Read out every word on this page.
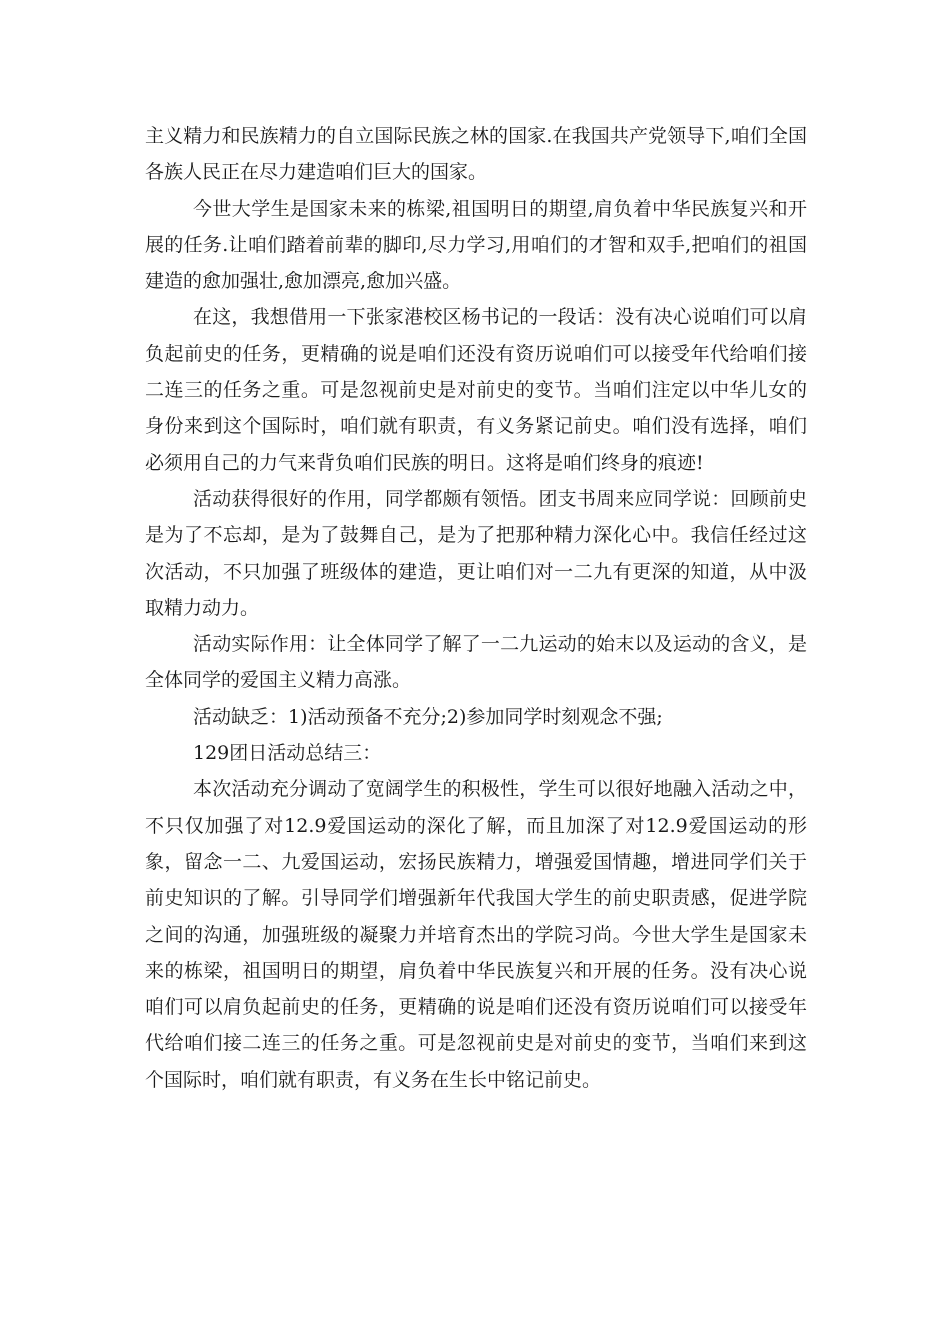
主义精力和民族精力的自立国际民族之林的国家.在我国共产党领导下,咱们全国各族人民正在尽力建造咱们巨大的国家。

今世大学生是国家未来的栋梁,祖国明日的期望,肩负着中华民族复兴和开展的任务.让咱们踏着前辈的脚印,尽力学习,用咱们的才智和双手,把咱们的祖国建造的愈加强壮,愈加漂亮,愈加兴盛。

在这，我想借用一下张家港校区杨书记的一段话：没有决心说咱们可以肩负起前史的任务，更精确的说是咱们还没有资历说咱们可以接受年代给咱们接二连三的任务之重。可是忽视前史是对前史的变节。当咱们注定以中华儿女的身份来到这个国际时，咱们就有职责，有义务紧记前史。咱们没有选择，咱们必须用自己的力气来背负咱们民族的明日。这将是咱们终身的痕迹!

活动获得很好的作用，同学都颇有领悟。团支书周来应同学说：回顾前史是为了不忘却，是为了鼓舞自己，是为了把那种精力深化心中。我信任经过这次活动，不只加强了班级体的建造，更让咱们对一二九有更深的知道，从中汲取精力动力。

活动实际作用：让全体同学了解了一二九运动的始末以及运动的含义，是全体同学的爱国主义精力高涨。

活动缺乏：1)活动预备不充分;2)参加同学时刻观念不强;

129团日活动总结三：

本次活动充分调动了宽阔学生的积极性，学生可以很好地融入活动之中，不只仅加强了对12.9爱国运动的深化了解，而且加深了对12.9爱国运动的形象，留念一二、九爱国运动，宏扬民族精力，增强爱国情趣，增进同学们关于前史知识的了解。引导同学们增强新年代我国大学生的前史职责感，促进学院之间的沟通，加强班级的凝聚力并培育杰出的学院习尚。今世大学生是国家未来的栋梁，祖国明日的期望，肩负着中华民族复兴和开展的任务。没有决心说咱们可以肩负起前史的任务，更精确的说是咱们还没有资历说咱们可以接受年代给咱们接二连三的任务之重。可是忽视前史是对前史的变节，当咱们来到这个国际时，咱们就有职责，有义务在生长中铭记前史。
